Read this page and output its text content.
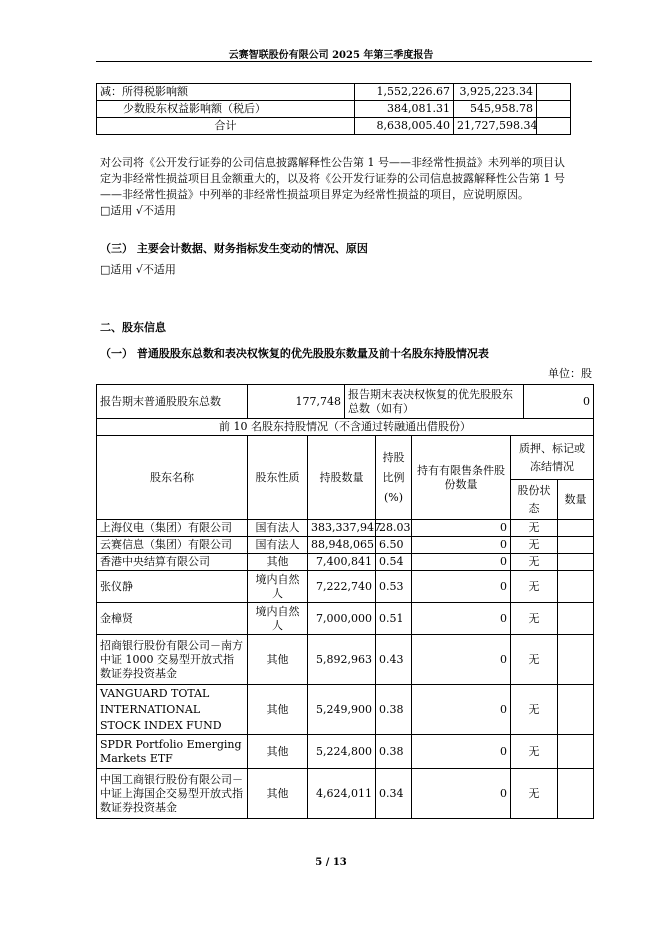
云赛智联股份有限公司 2025 年第三季度报告
减：所得税影响额	1,552,226.67	3,925,223.34	
少数股东权益影响额（税后）	384,081.31	545,958.78	
合计	8,638,005.40	21,727,598.34	
对公司将《公开发行证券的公司信息披露解释性公告第 1 号——非经常性损益》未列举的项目认
定为非经常性损益项目且金额重大的，以及将《公开发行证券的公司信息披露解释性公告第 1 号
——非经常性损益》中列举的非经常性损益项目界定为经常性损益的项目，应说明原因。
□适用 √不适用
（三） 主要会计数据、财务指标发生变动的情况、原因
□适用 √不适用
二、股东信息
（一） 普通股股东总数和表决权恢复的优先股股东数量及前十名股东持股情况表
单位：股
报告期末普通股股东总数	177,748		报告期末表决权恢复的优先股股东总数（如有）				0	
前 10 名股东持股情况（不含通过转融通出借股份）								
股东名称	股东性质	持股数量		持股比例(%)	持有有限售条件股份数量	质押、标记或冻结情况		
						股份状态		数量
上海仪电（集团）有限公司	国有法人	383,337,947		28.03	0	无		
云赛信息（集团）有限公司	国有法人	88,948,065		6.50	0	无		
香港中央结算有限公司	其他	7,400,841		0.54	0	无		
张仪静	境内自然人	7,222,740		0.53	0	无		
金樟贤	境内自然人	7,000,000		0.51	0	无		
招商银行股份有限公司－南方中证 1000 交易型开放式指数证券投资基金	其他	5,892,963		0.43	0	无		
VANGUARD TOTAL INTERNATIONAL STOCK INDEX FUND	其他	5,249,900		0.38	0	无		
SPDR Portfolio Emerging Markets ETF	其他	5,224,800		0.38	0	无		
中国工商银行股份有限公司－中证上海国企交易型开放式指数证券投资基金	其他	4,624,011		0.34	0	无		
5 / 13
